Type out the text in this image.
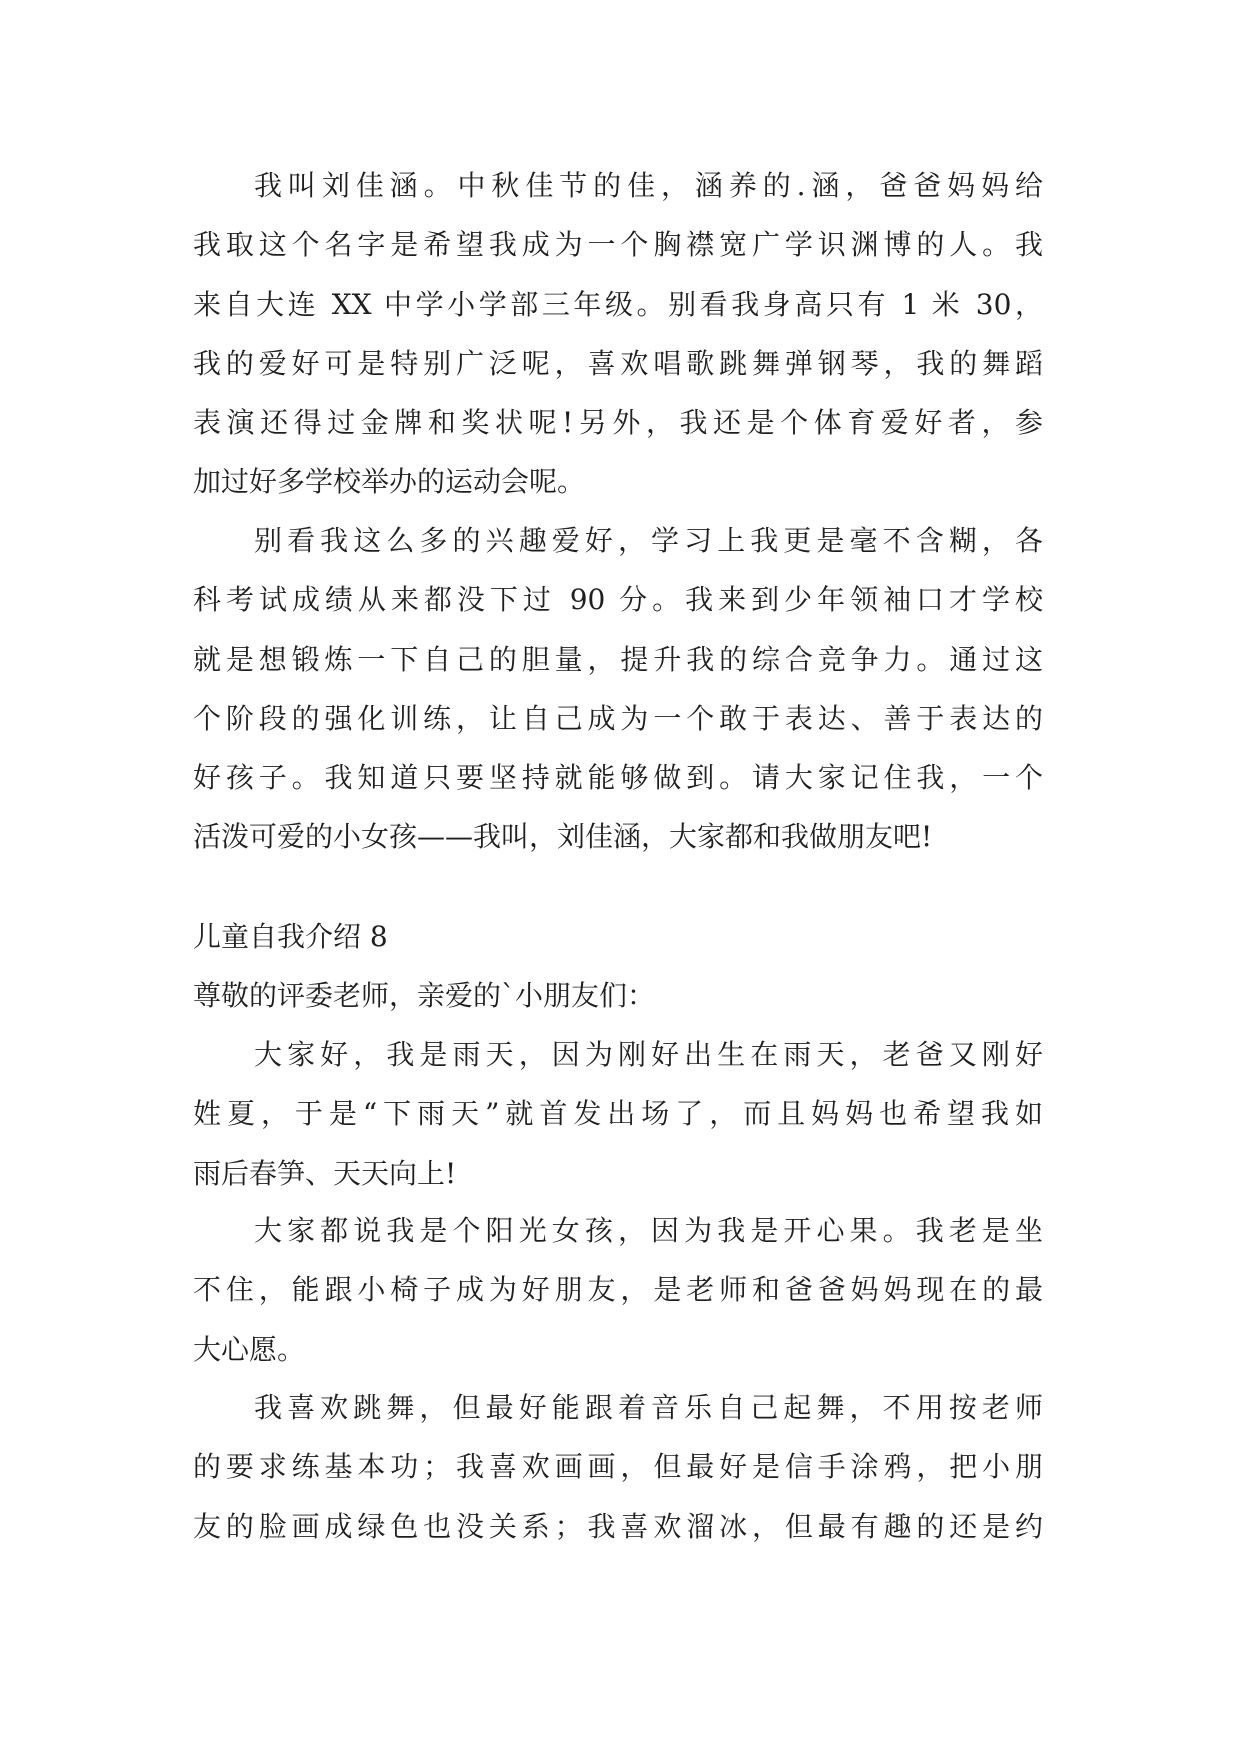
我叫刘佳涵。中秋佳节的佳，涵养的.涵，爸爸妈妈给
我取这个名字是希望我成为一个胸襟宽广学识渊博的人。我
来自大连 XX 中学小学部三年级。别看我身高只有 1 米 30，
我的爱好可是特别广泛呢，喜欢唱歌跳舞弹钢琴，我的舞蹈
表演还得过金牌和奖状呢!另外，我还是个体育爱好者，参
加过好多学校举办的运动会呢。
别看我这么多的兴趣爱好，学习上我更是毫不含糊，各
科考试成绩从来都没下过 90 分。我来到少年领袖口才学校
就是想锻炼一下自己的胆量，提升我的综合竞争力。通过这
个阶段的强化训练，让自己成为一个敢于表达、善于表达的
好孩子。我知道只要坚持就能够做到。请大家记住我，一个
活泼可爱的小女孩——我叫，刘佳涵，大家都和我做朋友吧!
儿童自我介绍 8
尊敬的评委老师，亲爱的`小朋友们：
大家好，我是雨天，因为刚好出生在雨天，老爸又刚好
姓夏，于是“下雨天”就首发出场了，而且妈妈也希望我如
雨后春笋、天天向上!
大家都说我是个阳光女孩，因为我是开心果。我老是坐
不住，能跟小椅子成为好朋友，是老师和爸爸妈妈现在的最
大心愿。
我喜欢跳舞，但最好能跟着音乐自己起舞，不用按老师
的要求练基本功；我喜欢画画，但最好是信手涂鸦，把小朋
友的脸画成绿色也没关系；我喜欢溜冰，但最有趣的还是约
